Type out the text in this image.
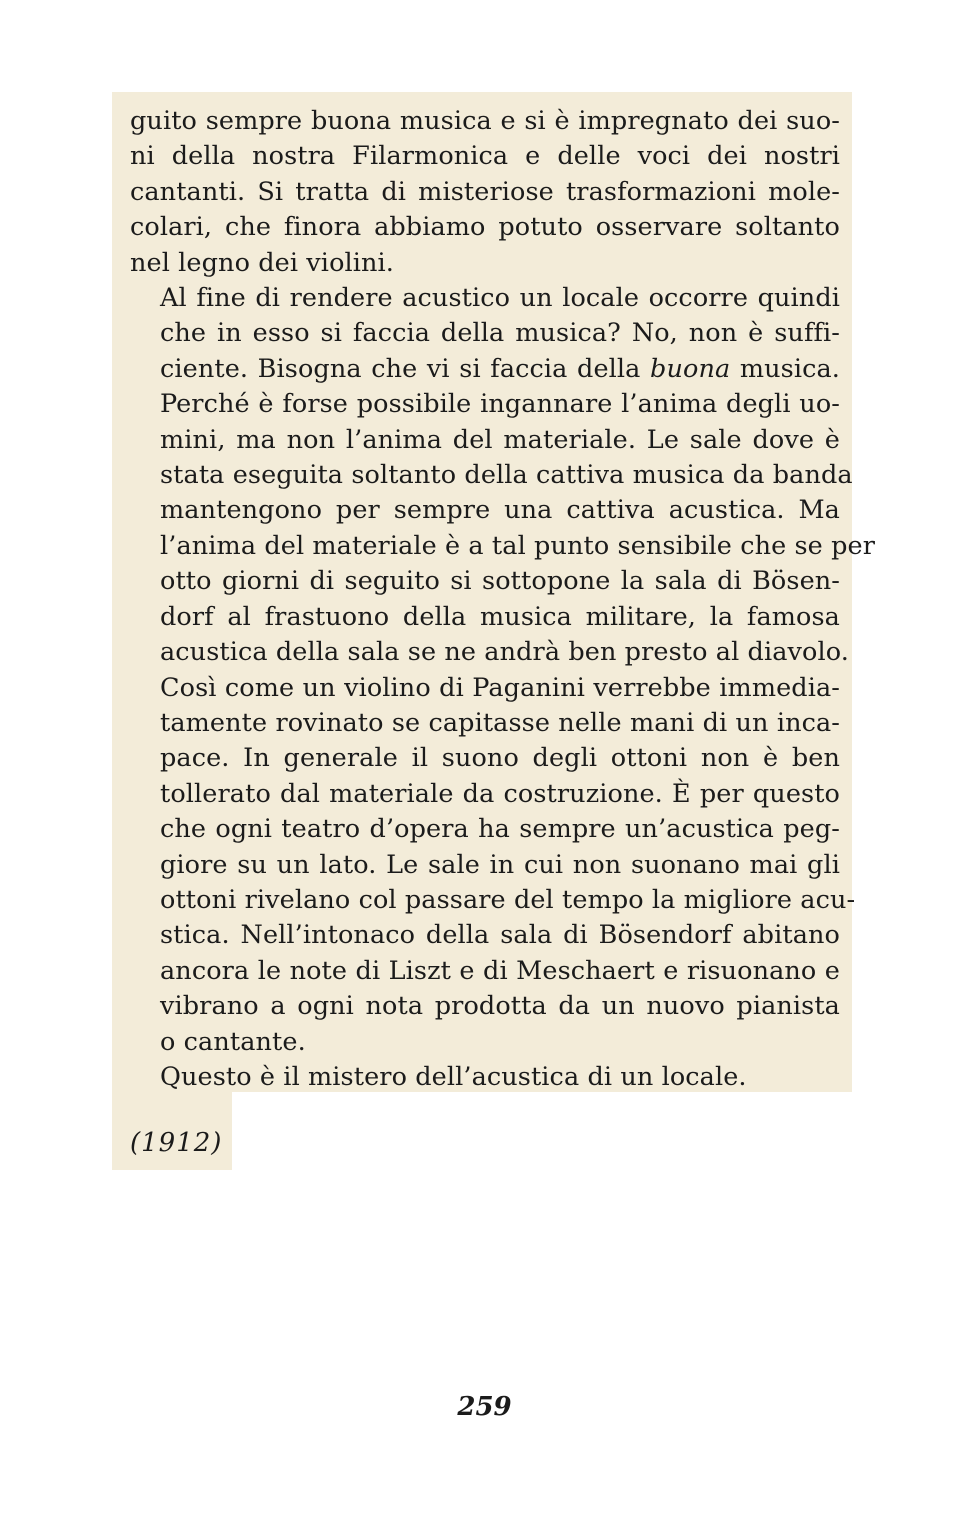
guito sempre buona musica e si è impregnato dei suo-
ni della nostra Filarmonica e delle voci dei nostri
cantanti. Si tratta di misteriose trasformazioni mole-
colari, che finora abbiamo potuto osservare soltanto
nel legno dei violini.

Al fine di rendere acustico un locale occorre quindi
che in esso si faccia della musica? No, non è suffi-
ciente. Bisogna che vi si faccia della buona musica.
Perché è forse possibile ingannare l’anima degli uo-
mini, ma non l’anima del materiale. Le sale dove è
stata eseguita soltanto della cattiva musica da banda
mantengono per sempre una cattiva acustica. Ma
l’anima del materiale è a tal punto sensibile che se per
otto giorni di seguito si sottopone la sala di Bösen-
dorf al frastuono della musica militare, la famosa
acustica della sala se ne andrà ben presto al diavolo.
Così come un violino di Paganini verrebbe immedia-
tamente rovinato se capitasse nelle mani di un inca-
pace. In generale il suono degli ottoni non è ben
tollerato dal materiale da costruzione. È per questo
che ogni teatro d’opera ha sempre un’acustica peg-
giore su un lato. Le sale in cui non suonano mai gli
ottoni rivelano col passare del tempo la migliore acu-
stica. Nell’intonaco della sala di Bösendorf abitano
ancora le note di Liszt e di Meschaert e risuonano e
vibrano a ogni nota prodotta da un nuovo pianista
o cantante.

Questo è il mistero dell’acustica di un locale.

(1912)
259
